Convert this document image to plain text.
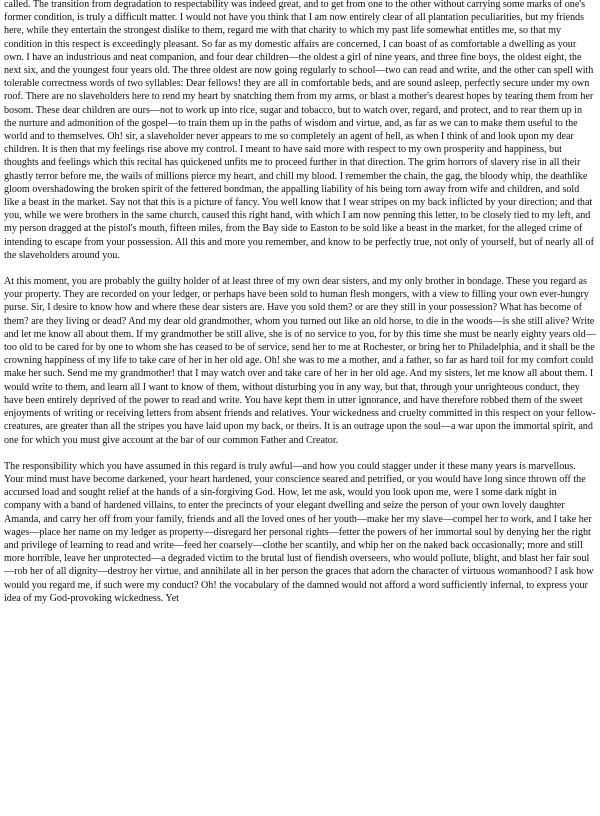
called. The transition from degradation to respectability was indeed great, and to get from one to the other without carrying some marks of one's former condition, is truly a difficult matter. I would not have you think that I am now entirely clear of all plantation peculiarities, but my friends here, while they entertain the strongest dislike to them, regard me with that charity to which my past life somewhat entitles me, so that my condition in this respect is exceedingly pleasant. So far as my domestic affairs are concerned, I can boast of as comfortable a dwelling as your own. I have an industrious and neat companion, and four dear children—the oldest a girl of nine years, and three fine boys, the oldest eight, the next six, and the youngest four years old. The three oldest are now going regularly to school—two can read and write, and the other can spell with tolerable correctness words of two syllables: Dear fellows! they are all in comfortable beds, and are sound asleep, perfectly secure under my own roof. There are no slaveholders here to rend my heart by snatching them from my arms, or blast a mother's dearest hopes by tearing them from her bosom. These dear children are ours—not to work up into rice, sugar and tobacco, but to watch over, regard, and protect, and to rear them up in the nurture and admonition of the gospel—to train them up in the paths of wisdom and virtue, and, as far as we can to make them useful to the world and to themselves. Oh! sir, a slaveholder never appears to me so completely an agent of hell, as when I think of and look upon my dear children. It is then that my feelings rise above my control. I meant to have said more with respect to my own prosperity and happiness, but thoughts and feelings which this recital has quickened unfits me to proceed further in that direction. The grim horrors of slavery rise in all their ghastly terror before me, the wails of millions pierce my heart, and chill my blood. I remember the chain, the gag, the bloody whip, the deathlike gloom overshadowing the broken spirit of the fettered bondman, the appalling liability of his being torn away from wife and children, and sold like a beast in the market. Say not that this is a picture of fancy. You well know that I wear stripes on my back inflicted by your direction; and that you, while we were brothers in the same church, caused this right hand, with which I am now penning this letter, to be closely tied to my left, and my person dragged at the pistol's mouth, fifteen miles, from the Bay side to Easton to be sold like a beast in the market, for the alleged crime of intending to escape from your possession. All this and more you remember, and know to be perfectly true, not only of yourself, but of nearly all of the slaveholders around you.

At this moment, you are probably the guilty holder of at least three of my own dear sisters, and my only brother in bondage. These you regard as your property. They are recorded on your ledger, or perhaps have been sold to human flesh mongers, with a view to filling your own ever-hungry purse. Sir, I desire to know how and where these dear sisters are. Have you sold them? or are they still in your possession? What has become of them? are they living or dead? And my dear old grandmother, whom you turned out like an old horse, to die in the woods—is she still alive? Write and let me know all about them. If my grandmother be still alive, she is of no service to you, for by this time she must be nearly eighty years old—too old to be cared for by one to whom she has ceased to be of service, send her to me at Rochester, or bring her to Philadelphia, and it shall be the crowning happiness of my life to take care of her in her old age. Oh! she was to me a mother, and a father, so far as hard toil for my comfort could make her such. Send me my grandmother! that I may watch over and take care of her in her old age. And my sisters, let me know all about them. I would write to them, and learn all I want to know of them, without disturbing you in any way, but that, through your unrighteous conduct, they have been entirely deprived of the power to read and write. You have kept them in utter ignorance, and have therefore robbed them of the sweet enjoyments of writing or receiving letters from absent friends and relatives. Your wickedness and cruelty committed in this respect on your fellow-creatures, are greater than all the stripes you have laid upon my back, or theirs. It is an outrage upon the soul—a war upon the immortal spirit, and one for which you must give account at the bar of our common Father and Creator.

The responsibility which you have assumed in this regard is truly awful—and how you could stagger under it these many years is marvellous. Your mind must have become darkened, your heart hardened, your conscience seared and petrified, or you would have long since thrown off the accursed load and sought relief at the hands of a sin-forgiving God. How, let me ask, would you look upon me, were I some dark night in company with a band of hardened villains, to enter the precincts of your elegant dwelling and seize the person of your own lovely daughter Amanda, and carry her off from your family, friends and all the loved ones of her youth—make her my slave—compel her to work, and I take her wages—place her name on my ledger as property—disregard her personal rights—fetter the powers of her immortal soul by denying her the right and privilege of learning to read and write—feed her coarsely—clothe her scantily, and whip her on the naked back occasionally; more and still more horrible, leave her unprotected—a degraded victim to the brutal lust of fiendish overseers, who would pollute, blight, and blast her fair soul—rob her of all dignity—destroy her virtue, and annihilate all in her person the graces that adorn the character of virtuous womanhood? I ask how would you regard me, if such were my conduct? Oh! the vocabulary of the damned would not afford a word sufficiently infernal, to express your idea of my God-provoking wickedness. Yet
